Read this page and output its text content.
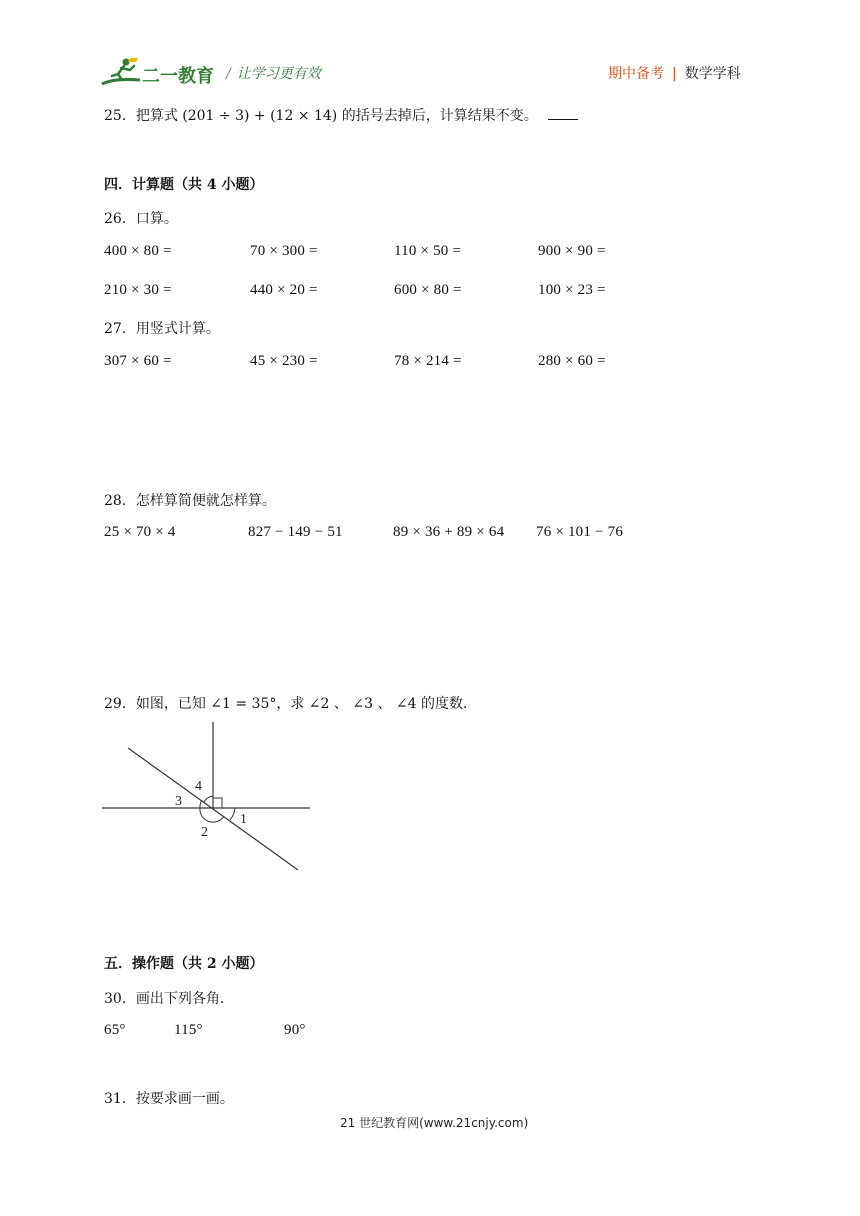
二一教育 / 让学习更有效	期中备考 | 数学学科
25．把算式 (201 ÷ 3) + (12 × 14) 的括号去掉后，计算结果不变。
四．计算题（共 4 小题）
26．口算。
400 × 80 =	70 × 300 =	110 × 50 =	900 × 90 =
210 × 30 =	440 × 20 =	600 × 80 =	100 × 23 =
27．用竖式计算。
307 × 60 =	45 × 230 =	78 × 214 =	280 × 60 =
28．怎样算简便就怎样算。
25 × 70 × 4	827 − 149 − 51	89 × 36 + 89 × 64 76 × 101 − 76
29．如图，已知 ∠1 = 35°，求 ∠2 、 ∠3 、 ∠4 的度数．
1
2
3
4
五．操作题（共 2 小题）
30．画出下列各角．
65°	115°	90°
31．按要求画一画。
21 世纪教育网(www.21cnjy.com)
